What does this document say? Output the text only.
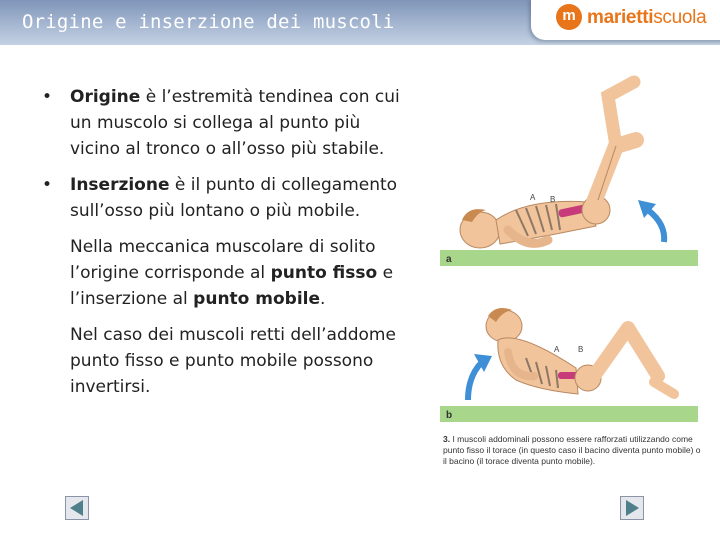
Origine e inserzione dei muscoli	m mariettiscuola
• Origine è l’estremità tendinea con cui un muscolo si collega al punto più vicino al tronco o all’osso più stabile.
• Inserzione è il punto di collegamento sull’osso più lontano o più mobile.
Nella meccanica muscolare di solito l’origine corrisponde al punto fisso e l’inserzione al punto mobile.
Nel caso dei muscoli retti dell’addome punto fisso e punto mobile possono invertirsi.
a
A B
b
A B
3. I muscoli addominali possono essere rafforzati utilizzando come punto fisso il torace (in questo caso il bacino diventa punto mobile) o il bacino (il torace diventa punto mobile).
